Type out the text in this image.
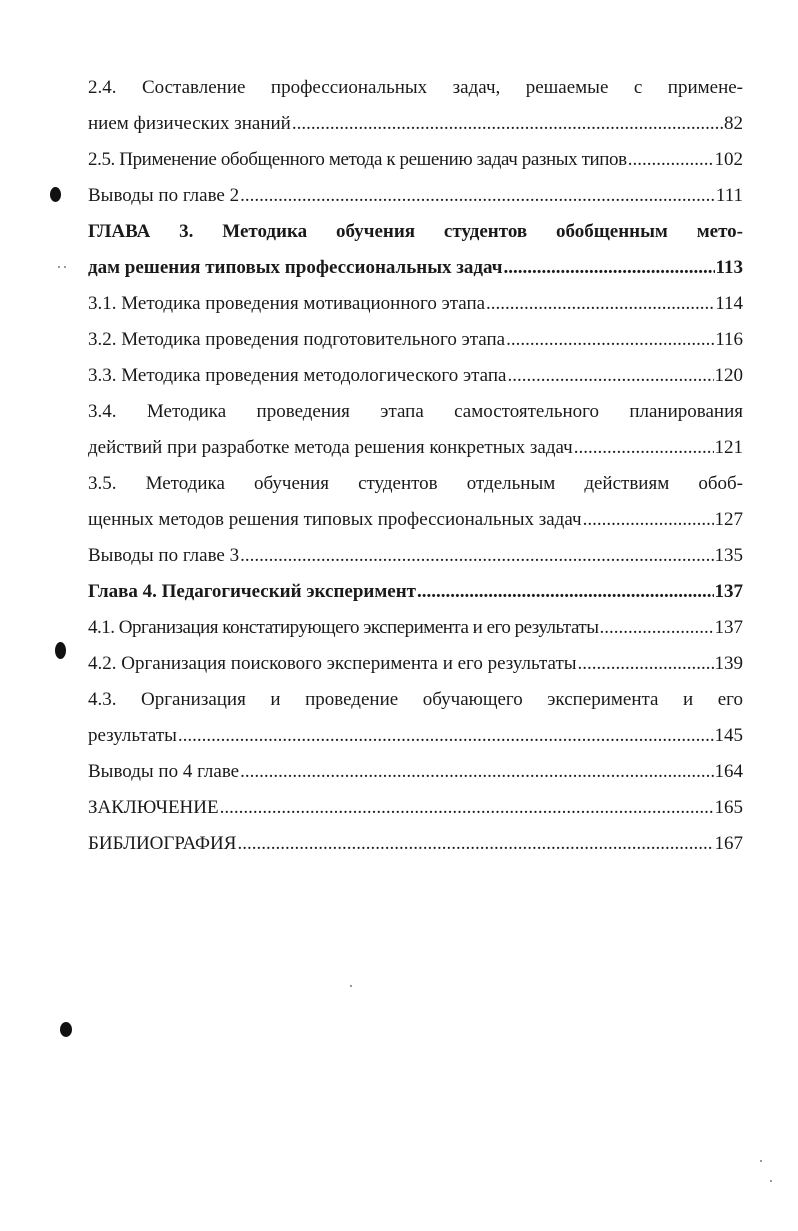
2.4. Составление профессиональных задач, решаемые с примене-
нием физических знаний .....	82
2.5. Применение обобщенного метода к решению задач разных типов .....	102
Выводы по главе 2 .....	111
ГЛАВА 3. Методика обучения студентов обобщенным мето-
дам решения типовых профессиональных задач .....	113
3.1. Методика проведения мотивационного этапа .....	114
3.2. Методика проведения подготовительного этапа .....	116
3.3. Методика проведения методологического этапа .....	120
3.4. Методика проведения этапа самостоятельного планирования
действий при разработке метода решения конкретных задач .....	121
3.5. Методика обучения студентов отдельным действиям обоб-
щенных методов решения типовых профессиональных задач .....	127
Выводы по главе 3 .....	135
Глава 4. Педагогический эксперимент .....	137
4.1. Организация констатирующего эксперимента и его результаты .....	137
4.2. Организация поискового эксперимента и его результаты .....	139
4.3. Организация и проведение обучающего эксперимента и его
результаты .....	145
Выводы по 4 главе .....	164
ЗАКЛЮЧЕНИЕ .....	165
БИБЛИОГРАФИЯ .....	167
